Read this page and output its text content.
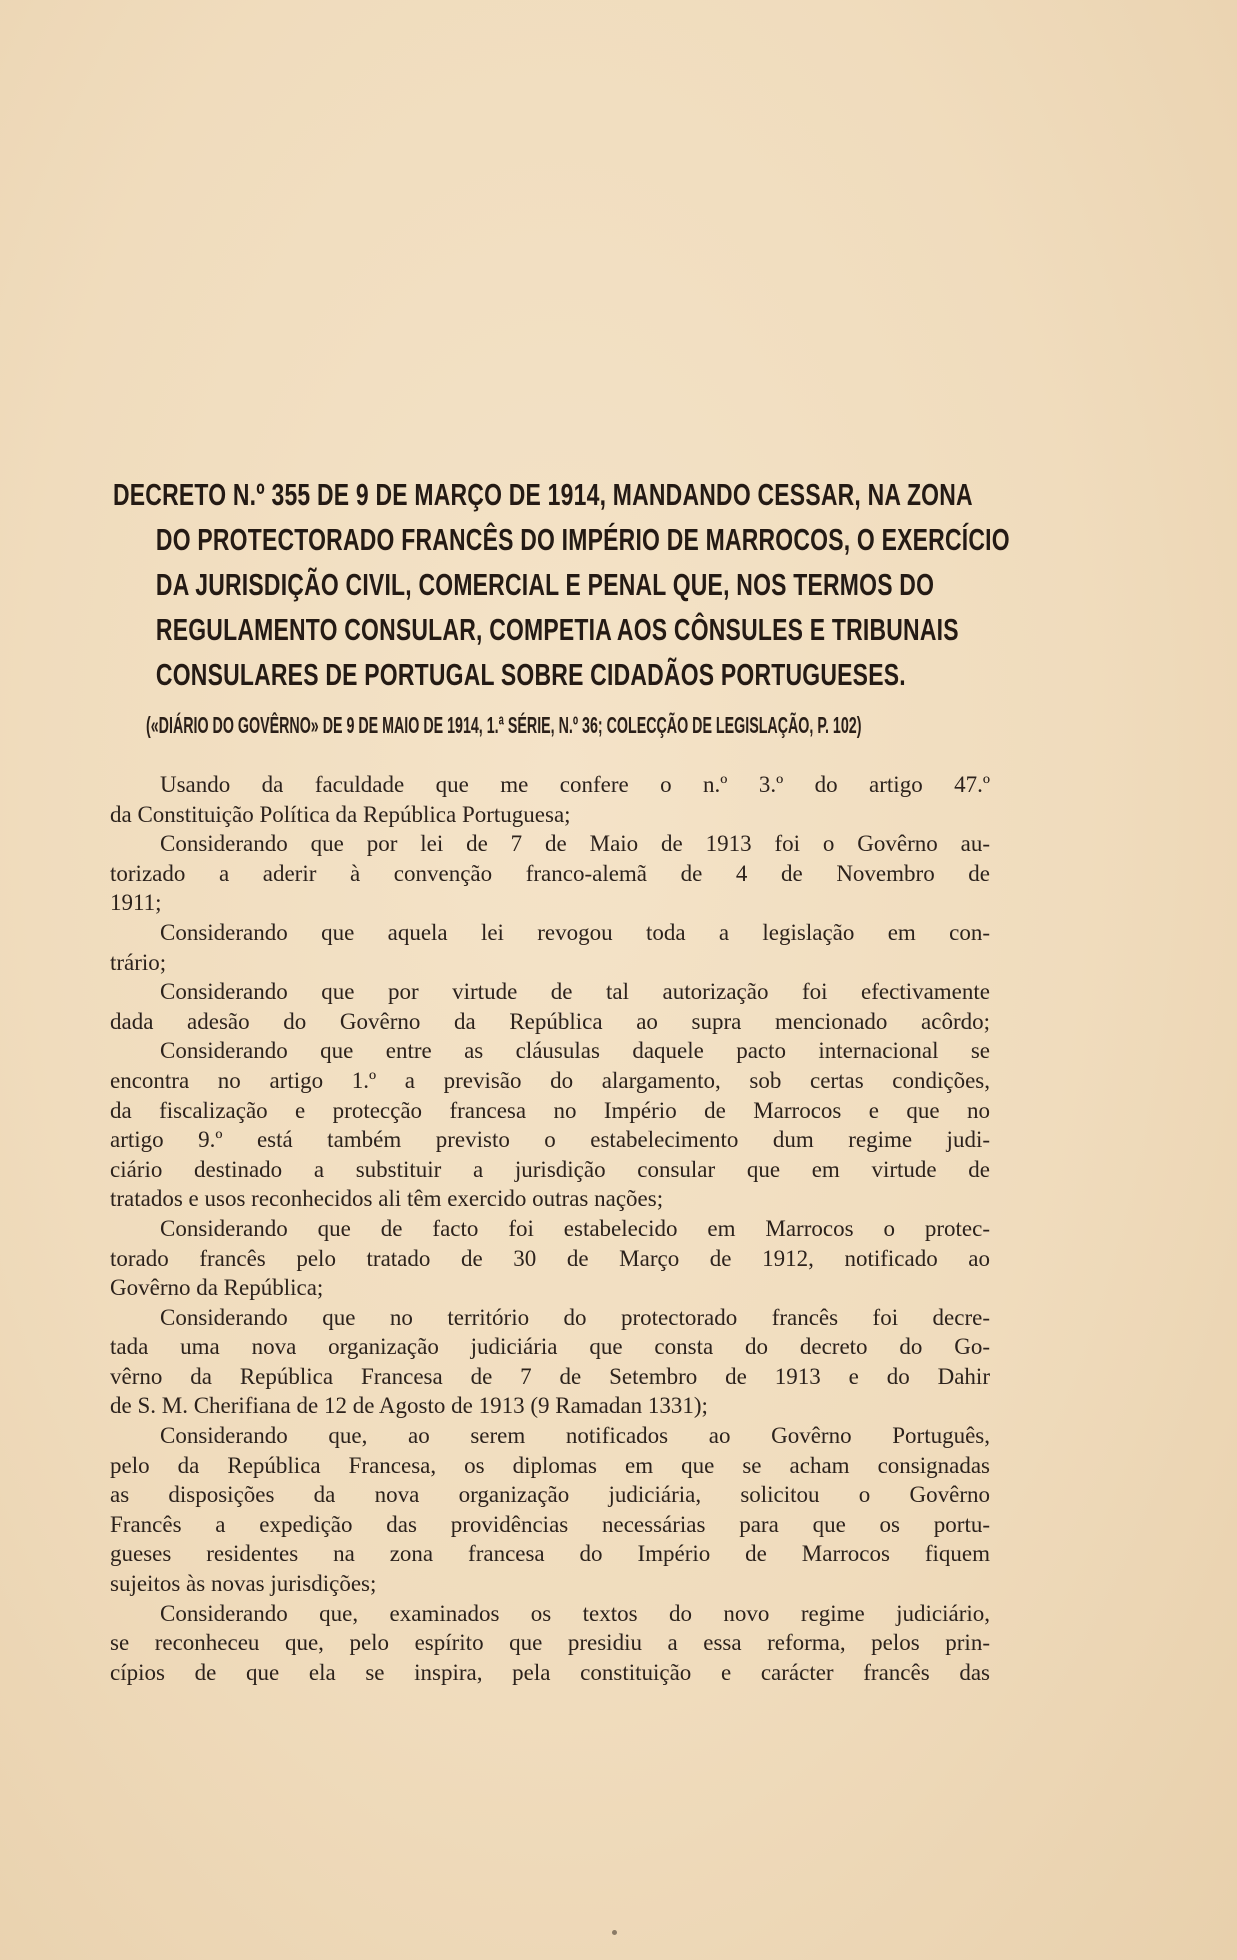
DECRETO N.º 355 DE 9 DE MARÇO DE 1914, MANDANDO CESSAR, NA ZONA
DO PROTECTORADO FRANCÊS DO IMPÉRIO DE MARROCOS, O EXERCÍCIO
DA JURISDIÇÃO CIVIL, COMERCIAL E PENAL QUE, NOS TERMOS DO
REGULAMENTO CONSULAR, COMPETIA AOS CÔNSULES E TRIBUNAIS
CONSULARES DE PORTUGAL SOBRE CIDADÃOS PORTUGUESES.
(«DIÁRIO DO GOVÊRNO» DE 9 DE MAIO DE 1914, 1.ª SÉRIE, N.º 36; COLECÇÃO DE LEGISLAÇÃO, P. 102)
Usando da faculdade que me confere o n.º 3.º do artigo 47.º
da Constituição Política da República Portuguesa;
Considerando que por lei de 7 de Maio de 1913 foi o Govêrno au-
torizado a aderir à convenção franco-alemã de 4 de Novembro de
1911;
Considerando que aquela lei revogou toda a legislação em con-
trário;
Considerando que por virtude de tal autorização foi efectivamente
dada adesão do Govêrno da República ao supra mencionado acôrdo;
Considerando que entre as cláusulas daquele pacto internacional se
encontra no artigo 1.º a previsão do alargamento, sob certas condições,
da fiscalização e protecção francesa no Império de Marrocos e que no
artigo 9.º está também previsto o estabelecimento dum regime judi-
ciário destinado a substituir a jurisdição consular que em virtude de
tratados e usos reconhecidos ali têm exercido outras nações;
Considerando que de facto foi estabelecido em Marrocos o protec-
torado francês pelo tratado de 30 de Março de 1912, notificado ao
Govêrno da República;
Considerando que no território do protectorado francês foi decre-
tada uma nova organização judiciária que consta do decreto do Go-
vêrno da República Francesa de 7 de Setembro de 1913 e do Dahir
de S. M. Cherifiana de 12 de Agosto de 1913 (9 Ramadan 1331);
Considerando que, ao serem notificados ao Govêrno Português,
pelo da República Francesa, os diplomas em que se acham consignadas
as disposições da nova organização judiciária, solicitou o Govêrno
Francês a expedição das providências necessárias para que os portu-
gueses residentes na zona francesa do Império de Marrocos fiquem
sujeitos às novas jurisdições;
Considerando que, examinados os textos do novo regime judiciário,
se reconheceu que, pelo espírito que presidiu a essa reforma, pelos prin-
cípios de que ela se inspira, pela constituição e carácter francês das
